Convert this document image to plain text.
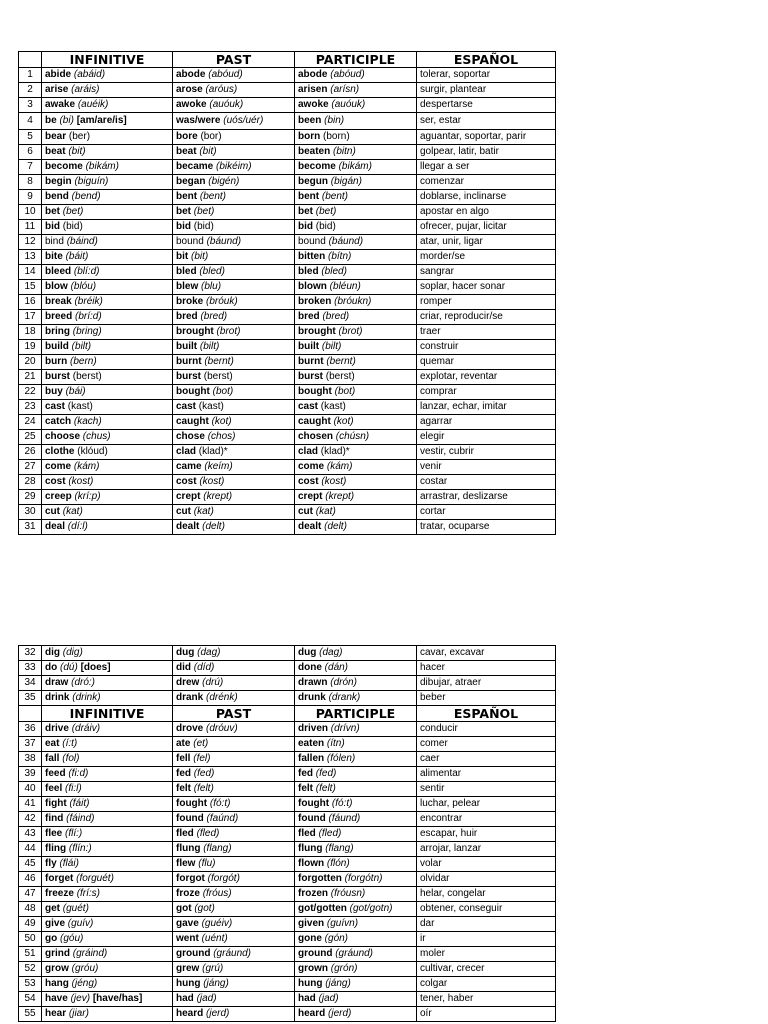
	INFINITIVE	PAST	PARTICIPLE	ESPAÑOL
1	abide (abáid)	abode (abóud)	abode (abóud)	tolerar, soportar
2	arise (aráis)	arose (aróus)	arisen (arísn)	surgir, plantear
3	awake (auéik)	awoke (auóuk)	awoke (auóuk)	despertarse
4	be (bi) [am/are/is]	was/were (uós/uér)	been (bin)	ser, estar
5	bear (ber)	bore (bor)	born (born)	aguantar, soportar, parir
6	beat (bit)	beat (bit)	beaten (bitn)	golpear, latir, batir
7	become (bikám)	became (bikéim)	become (bikám)	llegar a ser
8	begin (biguín)	began (bigén)	begun (bigán)	comenzar
9	bend (bend)	bent (bent)	bent (bent)	doblarse, inclinarse
10	bet (bet)	bet (bet)	bet (bet)	apostar en algo
11	bid (bid)	bid (bid)	bid (bid)	ofrecer, pujar, licitar
12	bind (báind)	bound (báund)	bound (báund)	atar, unir, ligar
13	bite (báit)	bit (bit)	bitten (bítn)	morder/se
14	bleed (blí:d)	bled (bled)	bled (bled)	sangrar
15	blow (blóu)	blew (blu)	blown (bléun)	soplar, hacer sonar
16	break (bréik)	broke (bróuk)	broken (bróukn)	romper
17	breed (brí:d)	bred (bred)	bred (bred)	criar, reproducir/se
18	bring (bring)	brought (brot)	brought (brot)	traer
19	build (bilt)	built (bilt)	built (bilt)	construir
20	burn (bern)	burnt (bernt)	burnt (bernt)	quemar
21	burst (berst)	burst (berst)	burst (berst)	explotar, reventar
22	buy (bái)	bought (bot)	bought (bot)	comprar
23	cast (kast)	cast (kast)	cast (kast)	lanzar, echar, imitar
24	catch (kach)	caught (kot)	caught (kot)	agarrar
25	choose (chus)	chose (chos)	chosen (chúsn)	elegir
26	clothe (klóud)	clad (klad)*	clad (klad)*	vestir, cubrir
27	come (kám)	came (keím)	come (kám)	venir
28	cost (kost)	cost (kost)	cost (kost)	costar
29	creep (krí:p)	crept (krept)	crept (krept)	arrastrar, deslizarse
30	cut (kat)	cut (kat)	cut (kat)	cortar
31	deal (dí:l)	dealt (delt)	dealt (delt)	tratar, ocuparse
32	dig (dig)	dug (dag)	dug (dag)	cavar, excavar
33	do (dú) [does]	did (díd)	done (dán)	hacer
34	draw (dró:)	drew (drú)	drawn (drón)	dibujar, atraer
35	drink (drink)	drank (drénk)	drunk (drank)	beber
	INFINITIVE	PAST	PARTICIPLE	ESPAÑOL
36	drive (dráiv)	drove (dróuv)	driven (drívn)	conducir
37	eat (í:t)	ate (et)	eaten (ítn)	comer
38	fall (fol)	fell (fel)	fallen (fólen)	caer
39	feed (fi:d)	fed (fed)	fed (fed)	alimentar
40	feel (fi:l)	felt (felt)	felt (felt)	sentir
41	fight (fáit)	fought (fó:t)	fought (fó:t)	luchar, pelear
42	find (fáind)	found (faúnd)	found (fáund)	encontrar
43	flee (flí:)	fled (fled)	fled (fled)	escapar, huir
44	fling (flín:)	flung (flang)	flung (flang)	arrojar, lanzar
45	fly (flái)	flew (flu)	flown (flón)	volar
46	forget (forguét)	forgot (forgót)	forgotten (forgótn)	olvidar
47	freeze (frí:s)	froze (fróus)	frozen (fróusn)	helar, congelar
48	get (guét)	got (got)	got/gotten (got/gotn)	obtener, conseguir
49	give (guív)	gave (guéiv)	given (guívn)	dar
50	go (góu)	went (uént)	gone (gón)	ir
51	grind (gráind)	ground (gráund)	ground (gráund)	moler
52	grow (gróu)	grew (grú)	grown (grón)	cultivar, crecer
53	hang (jéng)	hung (jáng)	hung (jáng)	colgar
54	have (jev) [have/has]	had (jad)	had (jad)	tener, haber
55	hear (jiar)	heard (jerd)	heard (jerd)	oír
